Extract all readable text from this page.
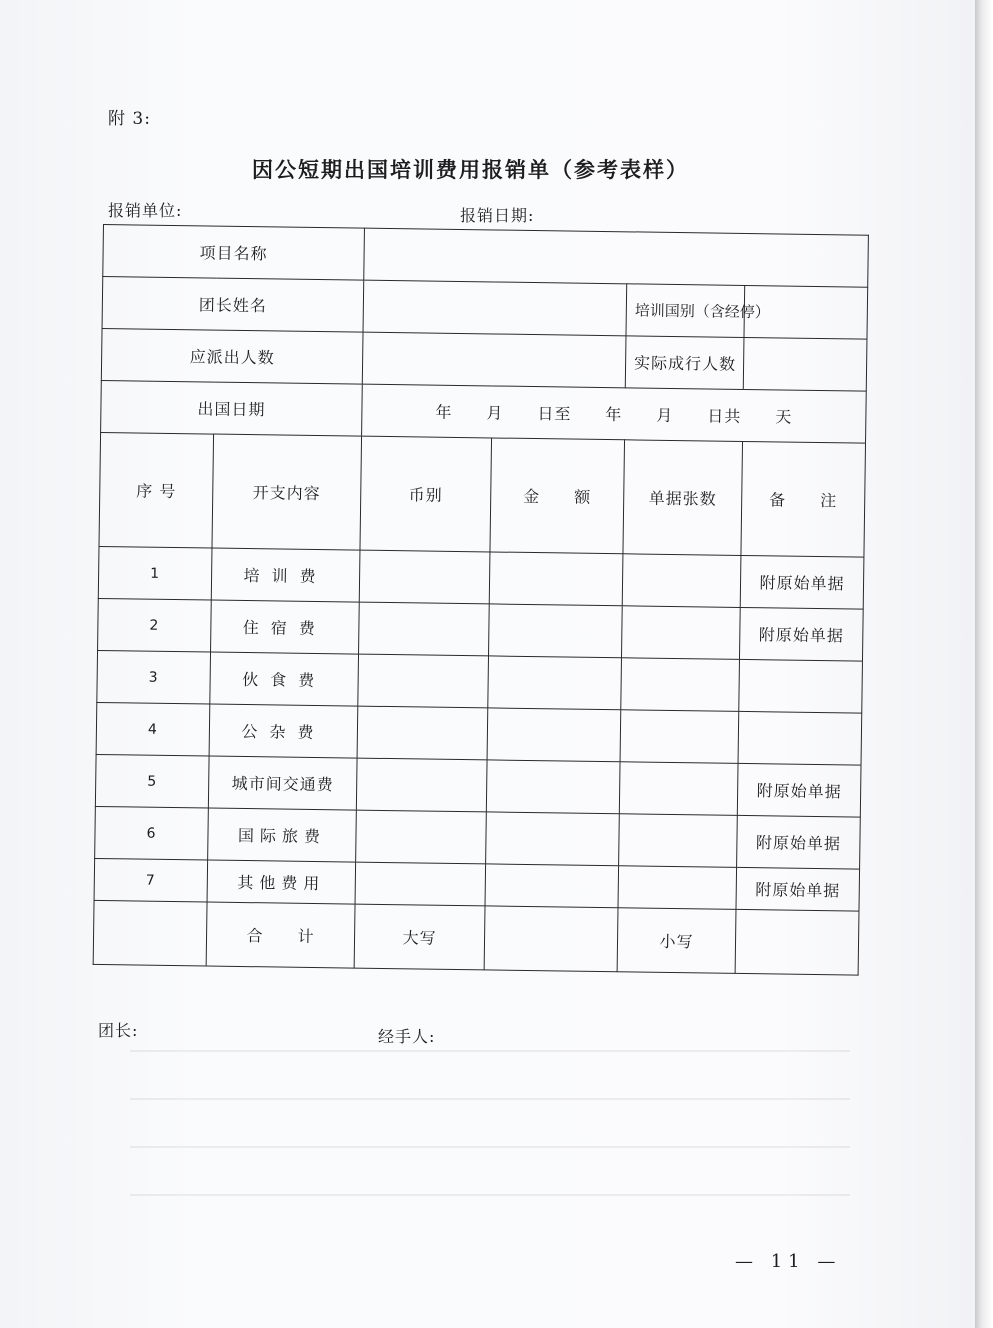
附 3:
因公短期出国培训费用报销单（参考表样）
报销单位:	报销日期:
项目名称					
团长姓名				培训国别（含经停）	
应派出人数				实际成行人数	
出国日期		年　　月　　日至　　年　　月　　日共　　天			
序 号	开支内容	币别	金　　额	单据张数	备　　注
1	培训费				附原始单据
2	住宿费				附原始单据
3	伙食费				
4	公杂费				
5	城市间交通费				附原始单据
6	国际旅费				附原始单据
7	其他费用				附原始单据
	合　　计	大写		小写	
团长:	经手人:
— 11 —
